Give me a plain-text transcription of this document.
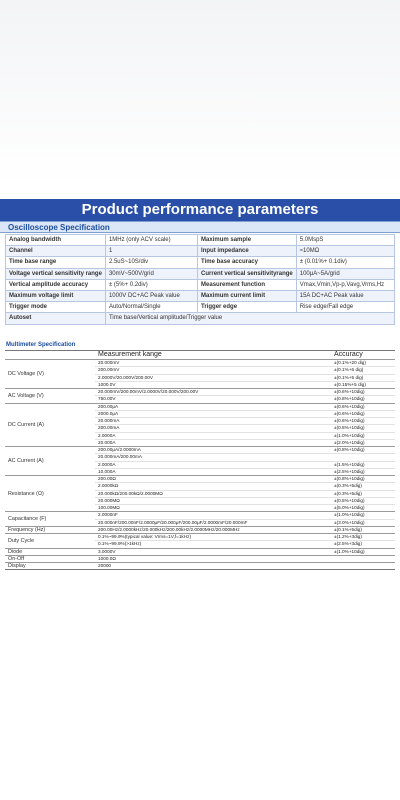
Product performance parameters
Oscilloscope Specification
Analog bandwidth	1MHz (only ACV scale)	Maximum sample	5.0MspS
Channel	1	Input impedance	≈10MΩ
Time base range	2.5uS~10S/div	Time base accuracy	± (0.01%+ 0.1div)
Voltage vertical sensitivity range	30mV~500V/grid	Current vertical sensitivityrange	100μA~5A/grid
Vertical amplitude accuracy	± (5%+ 0.2div)	Measurement function	Vmax,Vmin,Vp-p,Vavg,Vrms,Hz
Maximum voltage limit	1000V DC+AC Peak value	Maximum current limit	15A DC+AC Peak value
Trigger mode	Auto/Normal/Single	Trigger edge	Rise edge/Fall edge
Autoset	Time base/Vertical amplitude/Trigger value		
Multimeter Specification
Measurement kange	Accuracy
DC Voltage (V)
20.000mV	±(0.1%+20 dig)
200.00mV	±(0.1%+6 dig)
2.0000V/20.000V/200.00V	±(0.1%+5 dig)
1000.0V	±(0.15%+5 dig)
AC Voltage (V)
20.000mV/200.00mV/2.0000V/20.000V/200.00V	±(0.6%+10dig)
750.00V	±(0.8%+10dig)
DC Current (A)
200.00μA	±(0.6%+10dig)
2000.0μA	±(0.6%+10dig)
20.000mA	±(0.6%+10dig)
200.00mA	±(0.5%+10dig)
2.0000A	±(1.0%+10dig)
20.000A	±(2.0%+10dig)
AC Current (A)
200.00μA/2.0000mA	±(0.8%+10dig)
20.000mA/200.00mA
2.0000A	±(1.5%+10dig)
10.000A	±(2.5%+10dig)
Resistance (Ω)
200.00Ω	±(0.8%+10dig)
2.0000kΩ	±(0.3%+5dig)
20.000kΩ/200.00kΩ/2.0000MΩ	±(0.3%+5dig)
20.000MΩ	±(0.5%+10dig)
100.00MΩ	±(5.0%+10dig)
Capacitance (F)
2.0000nF	±(1.0%+10dig)
20.000nF/200.00nF/2.0000μF/20.000μF/200.00μF/2.0000mF/20.000mF	±(3.0%+10dig)
Frequency (Hz)	200.00Hz/2.0000kHz/20.000kHz/200.00kHz/2.0000MHz/20.000MHz	±(0.1%+5dig)
Duty Cycle
0.1%~99.9%(typical value: Vrms=1V,f=1kHz)	±(1.2%+3dig)
0.1%~99.9%(>1kHz)	±(2.5%+3dig)
Diode	3.0000V	±(1.0%+10dig)
On-Off	1000.0Ω
Display	20000
